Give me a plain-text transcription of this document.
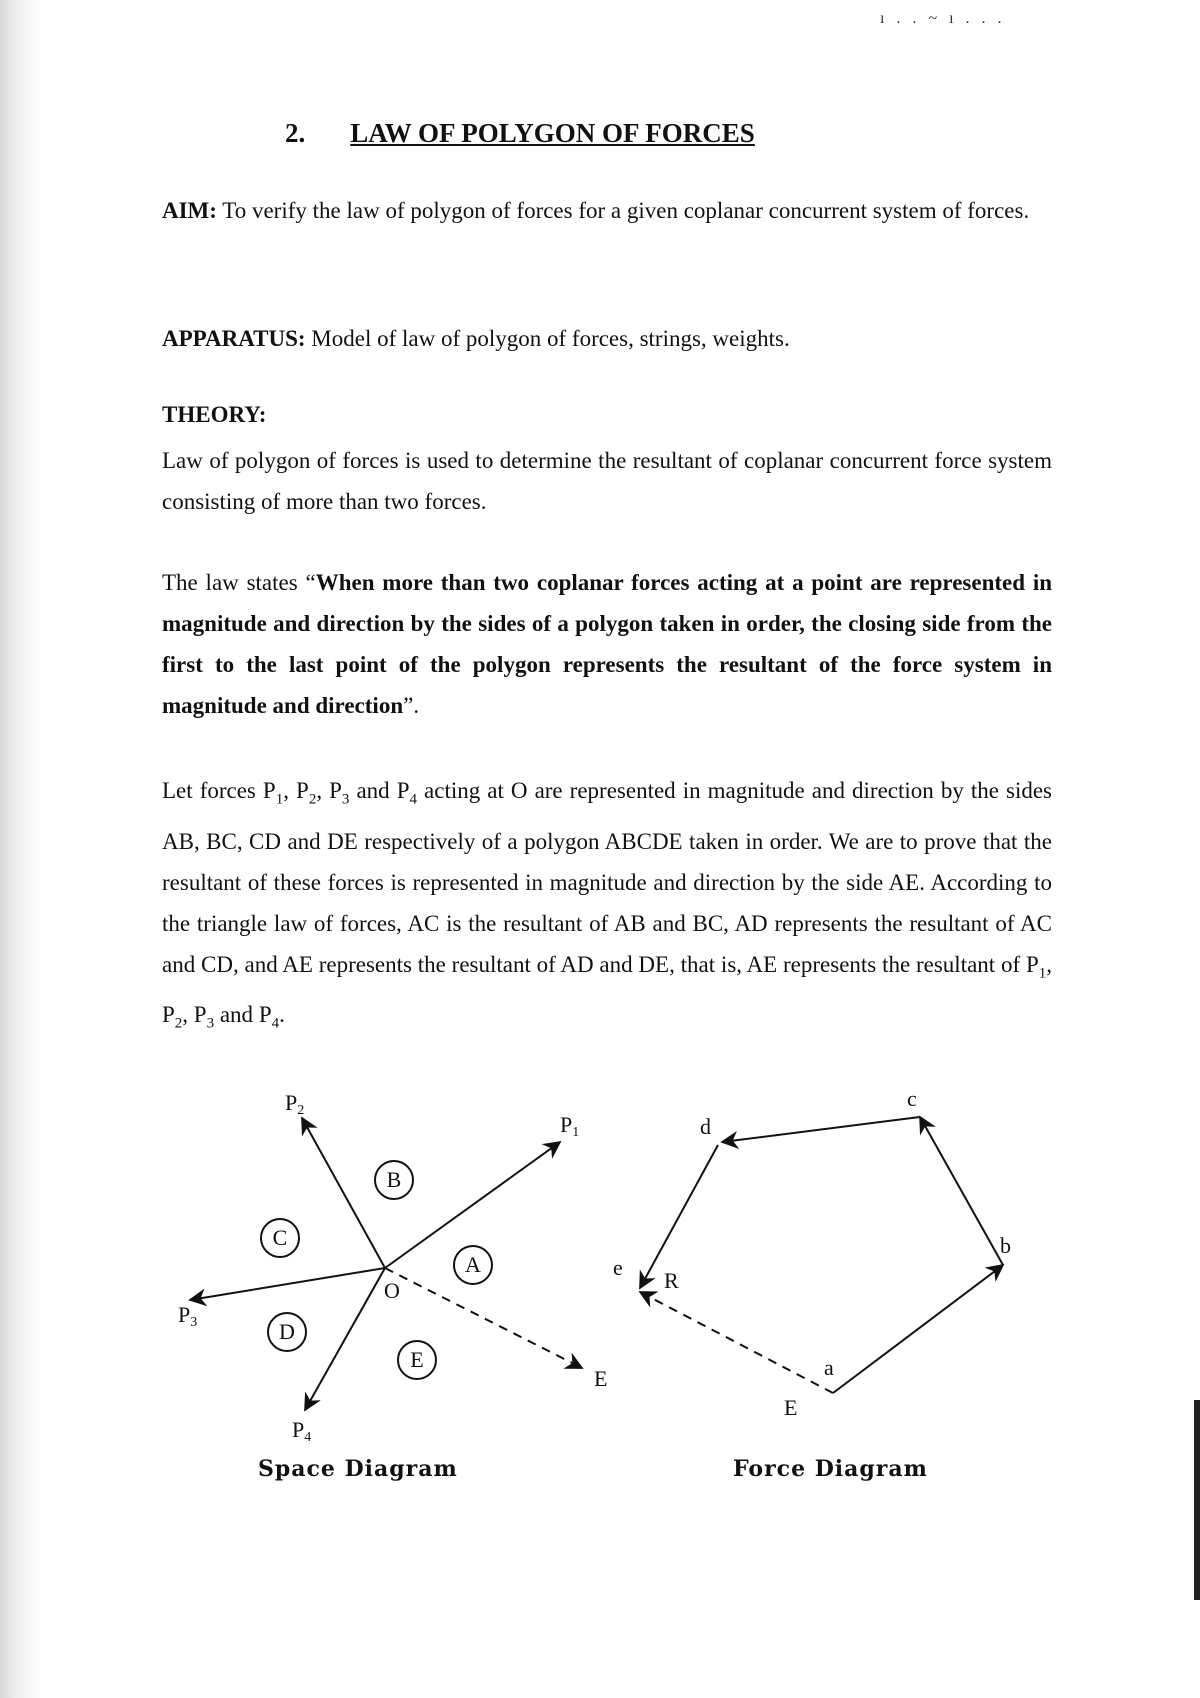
ı . . ~ ı . . .
2. LAW OF POLYGON OF FORCES
AIM: To verify the law of polygon of forces for a given coplanar concurrent system of forces.
APPARATUS: Model of law of polygon of forces, strings, weights.
THEORY:
Law of polygon of forces is used to determine the resultant of coplanar concurrent force system consisting of more than two forces.
The law states “When more than two coplanar forces acting at a point are represented in magnitude and direction by the sides of a polygon taken in order, the closing side from the first to the last point of the polygon represents the resultant of the force system in magnitude and direction”.
Let forces $P_1$, $P_2$, $P_3$ and $P_4$ acting at O are represented in magnitude and direction by the sides AB, BC, CD and DE respectively of a polygon ABCDE taken in order. We are to prove that the resultant of these forces is represented in magnitude and direction by the side AE. According to the triangle law of forces, AC is the resultant of AB and BC, AD represents the resultant of AC and CD, and AE represents the resultant of AD and DE, that is, AE represents the resultant of $P_1$, $P_2$, $P_3$ and $P_4$.
A
B
C
D
E
P1
P2
P3
P4
O
E	a
b
c
d
e
R
E
Space Diagram	Force Diagram
